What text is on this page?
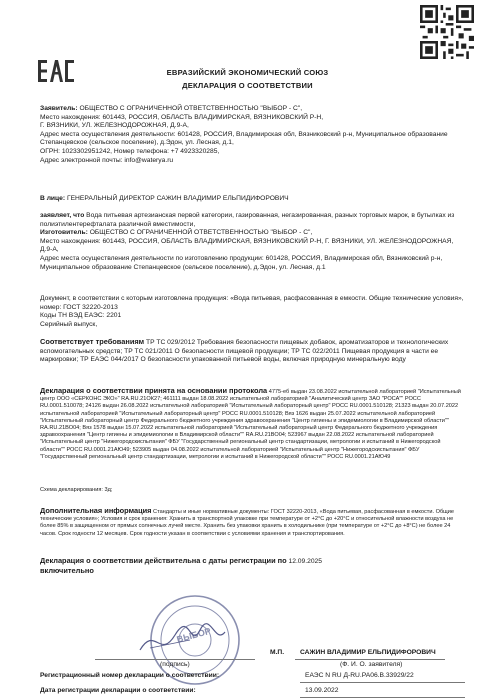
ЕВРАЗИЙСКИЙ ЭКОНОМИЧЕСКИЙ СОЮЗ
ДЕКЛАРАЦИЯ О СООТВЕТСТВИИ

Заявитель: ОБЩЕСТВО С ОГРАНИЧЕННОЙ ОТВЕТСТВЕННОСТЬЮ "ВЫБОР - С",

Место нахождения: 601443, РОССИЯ, ОБЛАСТЬ ВЛАДИМИРСКАЯ, ВЯЗНИКОВСКИЙ Р-Н,

Г. ВЯЗНИКИ, УЛ. ЖЕЛЕЗНОДОРОЖНАЯ, Д.9-А,

Адрес места осуществления деятельности: 601428, РОССИЯ, Владимирская обл, Вязниковский р-н, Муниципальное образование Степанцевское (сельское поселение), д.Эдон, ул. Лесная, д.1,

ОГРН: 1023302951242, Номер телефона: +7 4923320285,

Адрес электронной почты: info@waterya.ru

В лице: ГЕНЕРАЛЬНЫЙ ДИРЕКТОР САЖИН ВЛАДИМИР ЕЛЬПИДИФОРОВИЧ

заявляет, что Вода питьевая артезианская первой категории, газированная, негазированная, разных торговых марок, в бутылках из полиэтилентерефталата различной вместимости,

Изготовитель: ОБЩЕСТВО С ОГРАНИЧЕННОЙ ОТВЕТСТВЕННОСТЬЮ "ВЫБОР - С",

Место нахождения: 601443, РОССИЯ, ОБЛАСТЬ ВЛАДИМИРСКАЯ, ВЯЗНИКОВСКИЙ Р-Н, Г. ВЯЗНИКИ, УЛ. ЖЕЛЕЗНОДОРОЖНАЯ, Д.9-А,

Адрес места осуществления деятельности по изготовлению продукции: 601428, РОССИЯ, Владимирская обл, Вязниковский р-н, Муниципальное образование Степанцевское (сельское поселение), д.Эдон, ул. Лесная, д.1

Документ, в соответствии с которым изготовлена продукция: «Вода питьевая, расфасованная в емкости. Общие технические условия», номер: ГОСТ 32220-2013

Коды ТН ВЭД ЕАЭС: 2201

Серийный выпуск,

Соответствует требованиям ТР ТС 029/2012 Требования безопасности пищевых добавок, ароматизаторов и технологических вспомогательных средств; ТР ТС 021/2011 О безопасности пищевой продукции; ТР ТС 022/2011 Пищевая продукция в части ее маркировки; ТР ЕАЭС 044/2017 О безопасности упакованной питьевой воды, включая природную минеральную воду
Декларация о соответствии принята на основании протокола 4775-еб выдан 23.08.2022 испытательной лабораторией "Испытательный центр ООО «СЕРКОНС ЭКО»" RA.RU.21ОК27; 461111 выдан 18.08.2022 испытательной лабораторией "Аналитический центр ЗАО "РОСА"" РОСС RU.0001.510078; 24126 выдан 26.08.2022 испытательной лабораторией "Испытательный лабораторный центр" РОСС RU.0001.510128; 21323 выдан 20.07.2022 испытательной лабораторией "Испытательный лабораторный центр" РОСС RU.0001.510128; Вяз 1626 выдан 25.07.2022 испытательной лабораторией "Испытательный лабораторный центр Федерального бюджетного учреждения здравоохранения "Центр гигиены и эпидемиологии в Владимирской области"" RA.RU.21ВО04; Вяз 1578 выдан 15.07.2022 испытательной лабораторией "Испытательный лабораторный центр Федерального бюджетного учреждения здравоохранения "Центр гигиены и эпидемиологии в Владимирской области"" RA.RU.21ВО04; 523967 выдан 22.08.2022 испытательной лабораторией "Испытательный центр "Нижегородскиспытания" ФБУ "Государственный региональный центр стандартизации, метрологии и испытаний в Нижегородской области"" РОСС RU.0001.21АЮ49; 523905 выдан 04.08.2022 испытательной лабораторией "Испытательный центр "Нижегородскиспытания" ФБУ "Государственный региональный центр стандартизации, метрологии и испытаний в Нижегородской области"" РОСС RU.0001.21АЮ49
Схема декларирования: 3д;
Дополнительная информация Стандарты и иные нормативные документы: ГОСТ 32220-2013, «Вода питьевая, расфасованная в емкости. Общие технические условия»; Условия и срок хранения: Хранить в транспортной упаковке при температуре от +2°С до +20°С и относительной влажности воздуха не более 85% в защищенном от прямых солнечных лучей месте. Хранить без упаковки хранить в холодильнике (при температуре от +2°С до +8°С) не более 24 часов. Срок годности 12 месяцев. Срок годности указан в соответствии с условиями хранения и транспортирования.

Декларация о соответствии действительна с даты регистрации по 12.09.2025

включительно

ВЫБОР
М.П. САЖИН ВЛАДИМИР ЕЛЬПИДИФОРОВИЧ
(подпись)	(Ф. И. О. заявителя)
Регистрационный номер декларации о соответствии:	ЕАЭС N RU Д-RU.РА06.В.33929/22
Дата регистрации декларации о соответствии:	13.09.2022
